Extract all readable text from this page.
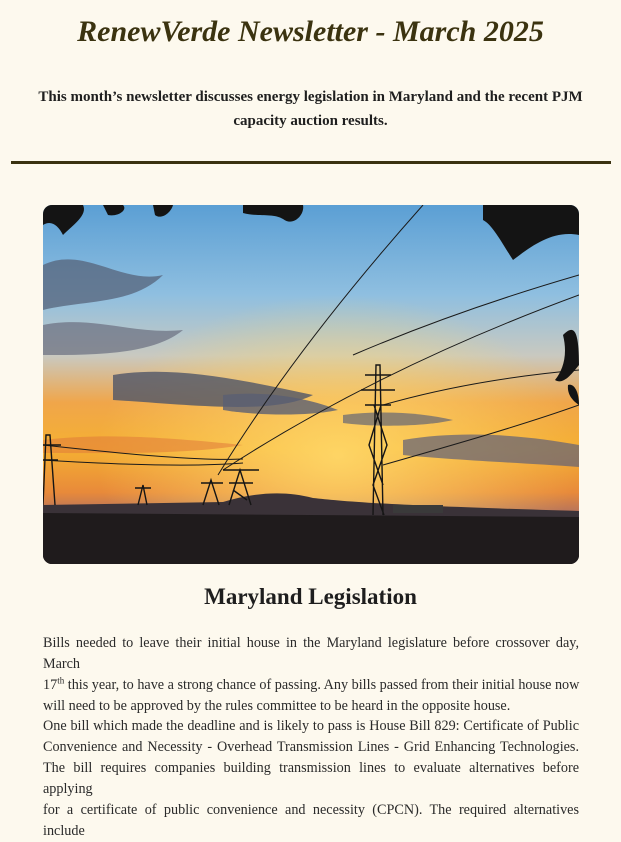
RenewVerde Newsletter - March 2025
This month’s newsletter discusses energy legislation in Maryland and the recent PJM
capacity auction results.
Maryland Legislation
Bills needed to leave their initial house in the Maryland legislature before crossover day, March
17th this year, to have a strong chance of passing. Any bills passed from their initial house now
will need to be approved by the rules committee to be heard in the opposite house.
One bill which made the deadline and is likely to pass is House Bill 829: Certificate of Public
Convenience and Necessity - Overhead Transmission Lines - Grid Enhancing Technologies.
The bill requires companies building transmission lines to evaluate alternatives before applying
for a certificate of public convenience and necessity (CPCN). The required alternatives include
